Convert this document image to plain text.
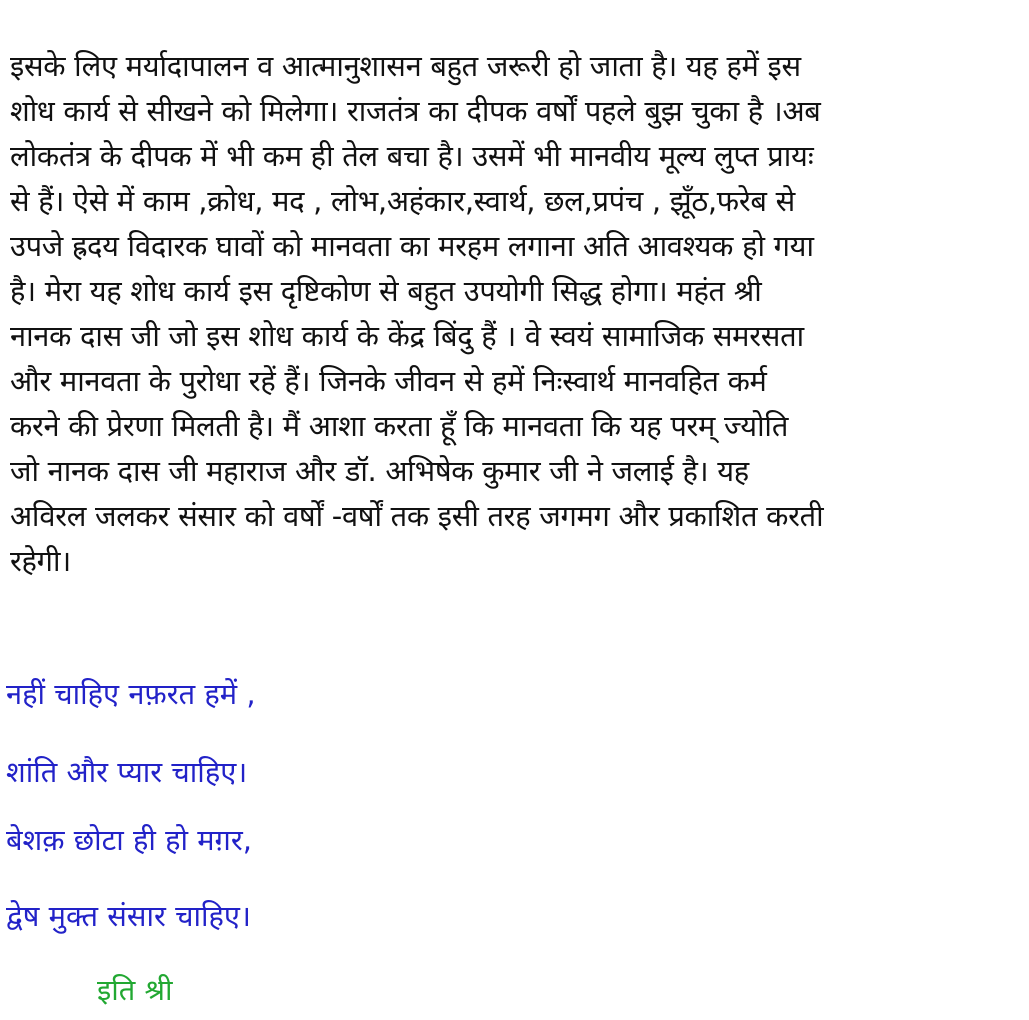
इसके लिए मर्यादापालन व आत्मानुशासन बहुत जरूरी हो जाता है। यह हमें इस
शोध कार्य से सीखने को मिलेगा। राजतंत्र का दीपक वर्षों पहले बुझ चुका है ।अब
लोकतंत्र के दीपक में भी कम ही तेल बचा है। उसमें भी मानवीय मूल्य लुप्त प्रायः
से हैं। ऐसे में काम ,क्रोध, मद , लोभ,अहंकार,स्वार्थ, छल,प्रपंच , झूँठ,फरेब से
उपजे ह्रदय विदारक घावों को मानवता का मरहम लगाना अति आवश्यक हो गया
है। मेरा यह शोध कार्य इस दृष्टिकोण से बहुत उपयोगी सिद्ध होगा। महंत श्री
नानक दास जी जो इस शोध कार्य के केंद्र बिंदु हैं । वे स्वयं सामाजिक समरसता
और मानवता के पुरोधा रहें हैं। जिनके जीवन से हमें निःस्वार्थ मानवहित कर्म
करने की प्रेरणा मिलती है। मैं आशा करता हूँ कि मानवता कि यह परम् ज्योति
जो नानक दास जी महाराज और डॉ. अभिषेक कुमार जी ने जलाई है। यह
अविरल जलकर संसार को वर्षों -वर्षों तक इसी तरह जगमग और प्रकाशित करती
रहेगी।
नहीं चाहिए नफ़रत हमें ,
शांति और प्यार चाहिए।
बेशक़ छोटा ही हो मग़र,
द्वेष मुक्त संसार चाहिए।
इति श्री
